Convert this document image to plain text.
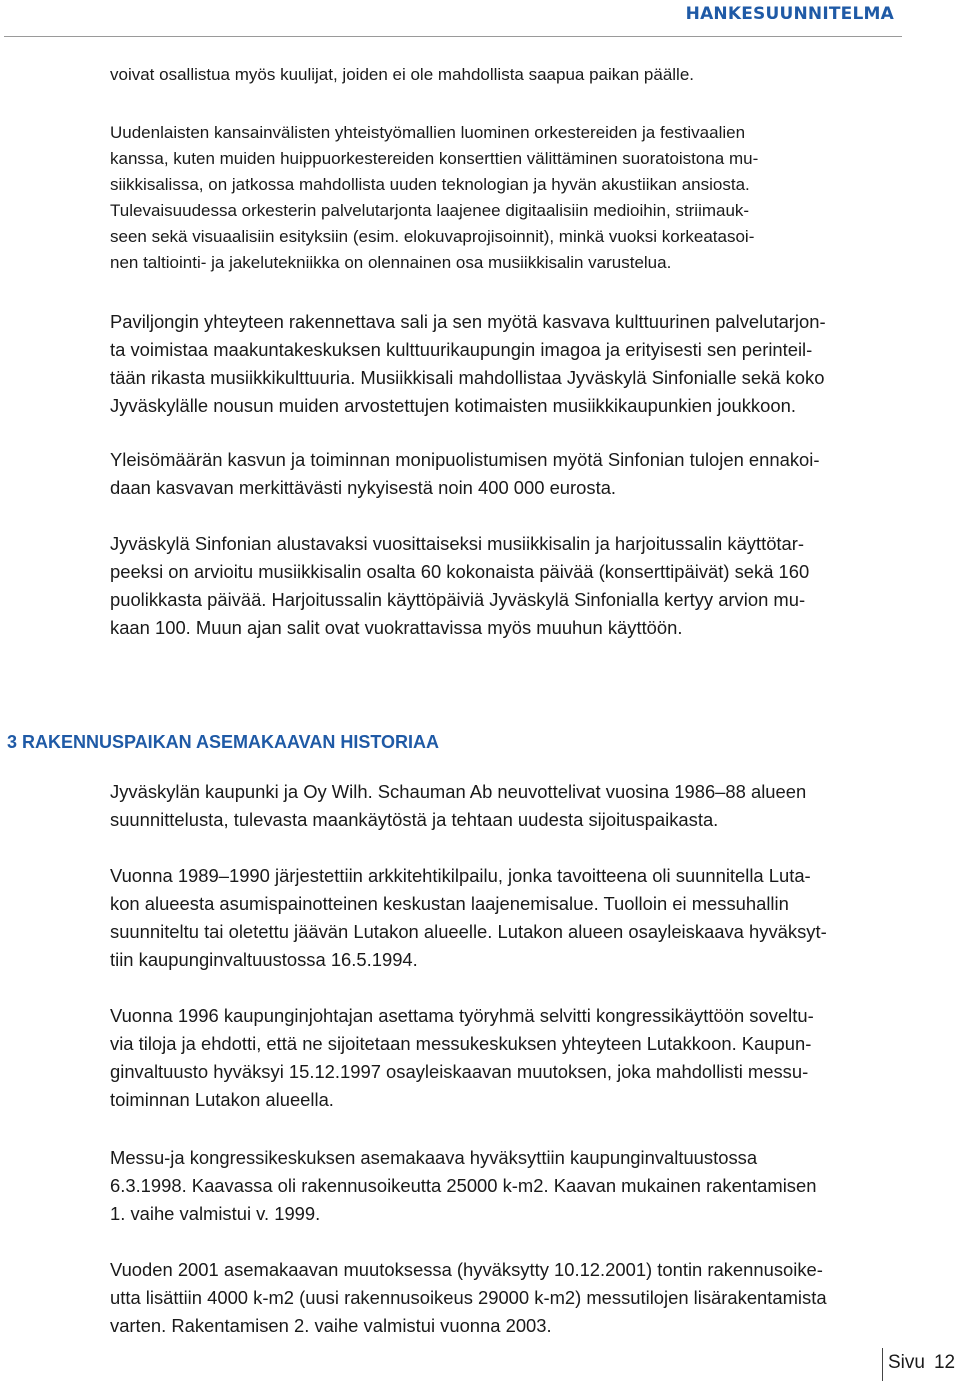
HANKESUUNNITELMA

voivat osallistua myös kuulijat, joiden ei ole mahdollista saapua paikan päälle.

Uudenlaisten kansainvälisten yhteistyömallien luominen orkestereiden ja festivaalien
kanssa, kuten muiden huippuorkestereiden konserttien välittäminen suoratoistona mu-
siikkisalissa, on jatkossa mahdollista uuden teknologian ja hyvän akustiikan ansiosta.
Tulevaisuudessa orkesterin palvelutarjonta laajenee digitaalisiin medioihin, striimauk-
seen sekä visuaalisiin esityksiin (esim. elokuvaprojisoinnit), minkä vuoksi korkeatasoi-
nen taltiointi- ja jakelutekniikka on olennainen osa musiikkisalin varustelua.

Paviljongin yhteyteen rakennettava sali ja sen myötä kasvava kulttuurinen palvelutarjon-
ta voimistaa maakuntakeskuksen kulttuurikaupungin imagoa ja erityisesti sen perinteil-
tään rikasta musiikkikulttuuria. Musiikkisali mahdollistaa Jyväskylä Sinfonialle sekä koko
Jyväskylälle nousun muiden arvostettujen kotimaisten musiikkikaupunkien joukkoon.

Yleisömäärän kasvun ja toiminnan monipuolistumisen myötä Sinfonian tulojen ennakoi-
daan kasvavan merkittävästi nykyisestä noin 400 000 eurosta.

Jyväskylä Sinfonian alustavaksi vuosittaiseksi musiikkisalin ja harjoitussalin käyttötar-
peeksi on arvioitu musiikkisalin osalta 60 kokonaista päivää (konserttipäivät) sekä 160
puolikkasta päivää. Harjoitussalin käyttöpäiviä Jyväskylä Sinfonialla kertyy arvion mu-
kaan 100. Muun ajan salit ovat vuokrattavissa myös muuhun käyttöön.

3 RAKENNUSPAIKAN ASEMAKAAVAN HISTORIAA

Jyväskylän kaupunki ja Oy Wilh. Schauman Ab neuvottelivat vuosina 1986–88 alueen
suunnittelusta, tulevasta maankäytöstä ja tehtaan uudesta sijoituspaikasta.

Vuonna 1989–1990 järjestettiin arkkitehtikilpailu, jonka tavoitteena oli suunnitella Luta-
kon alueesta asumispainotteinen keskustan laajenemisalue. Tuolloin ei messuhallin
suunniteltu tai oletettu jäävän Lutakon alueelle. Lutakon alueen osayleiskaava hyväksyt-
tiin kaupunginvaltuustossa 16.5.1994.

Vuonna 1996 kaupunginjohtajan asettama työryhmä selvitti kongressikäyttöön soveltu-
via tiloja ja ehdotti, että ne sijoitetaan messukeskuksen yhteyteen Lutakkoon. Kaupun-
ginvaltuusto hyväksyi 15.12.1997 osayleiskaavan muutoksen, joka mahdollisti messu-
toiminnan Lutakon alueella.

Messu-ja kongressikeskuksen asemakaava hyväksyttiin kaupunginvaltuustossa
6.3.1998. Kaavassa oli rakennusoikeutta 25000 k-m2. Kaavan mukainen rakentamisen
1. vaihe valmistui v. 1999.

Vuoden 2001 asemakaavan muutoksessa (hyväksytty 10.12.2001) tontin rakennusoike-
utta lisättiin 4000 k-m2 (uusi rakennusoikeus 29000 k-m2) messutilojen lisärakentamista
varten. Rakentamisen 2. vaihe valmistui vuonna 2003.

Sivu 12
